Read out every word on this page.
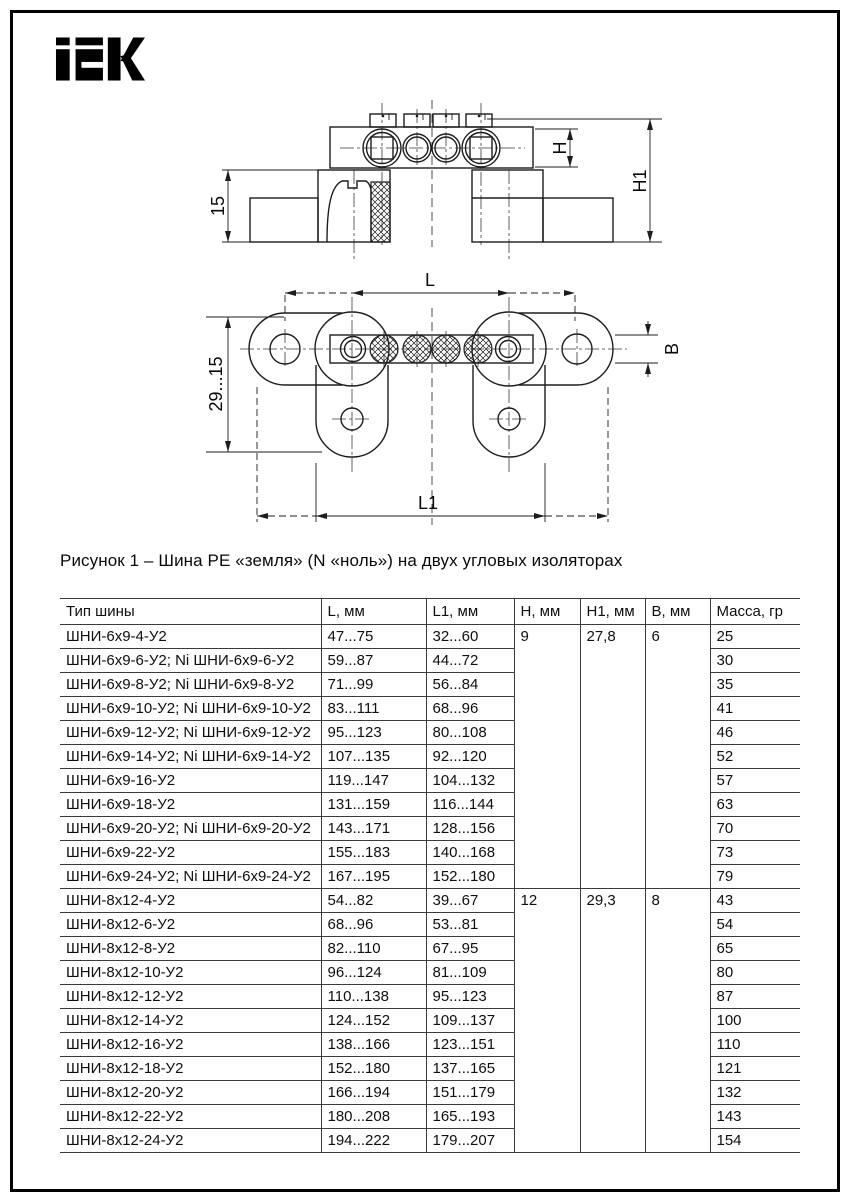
15
H
H1
L
29...15
B
L1
Рисунок 1 – Шина PE «земля» (N «ноль») на двух угловых изоляторах
Тип шины	L, мм	L1, мм	H, мм	H1, мм	B, мм	Масса, гр
ШНИ-6х9-4-У2	47...75	32...60	9	27,8	6	25
ШНИ-6х9-6-У2; Ni ШНИ-6х9-6-У2	59...87	44...72				30
ШНИ-6х9-8-У2; Ni ШНИ-6х9-8-У2	71...99	56...84				35
ШНИ-6х9-10-У2; Ni ШНИ-6х9-10-У2	83...111	68...96				41
ШНИ-6х9-12-У2; Ni ШНИ-6х9-12-У2	95...123	80...108				46
ШНИ-6х9-14-У2; Ni ШНИ-6х9-14-У2	107...135	92...120				52
ШНИ-6х9-16-У2	119...147	104...132				57
ШНИ-6х9-18-У2	131...159	116...144				63
ШНИ-6х9-20-У2; Ni ШНИ-6х9-20-У2	143...171	128...156				70
ШНИ-6х9-22-У2	155...183	140...168				73
ШНИ-6х9-24-У2; Ni ШНИ-6х9-24-У2	167...195	152...180				79
ШНИ-8х12-4-У2	54...82	39...67	12	29,3	8	43
ШНИ-8х12-6-У2	68...96	53...81				54
ШНИ-8х12-8-У2	82...110	67...95				65
ШНИ-8х12-10-У2	96...124	81...109				80
ШНИ-8х12-12-У2	110...138	95...123				87
ШНИ-8х12-14-У2	124...152	109...137				100
ШНИ-8х12-16-У2	138...166	123...151				110
ШНИ-8х12-18-У2	152...180	137...165				121
ШНИ-8х12-20-У2	166...194	151...179				132
ШНИ-8х12-22-У2	180...208	165...193				143
ШНИ-8х12-24-У2	194...222	179...207				154
